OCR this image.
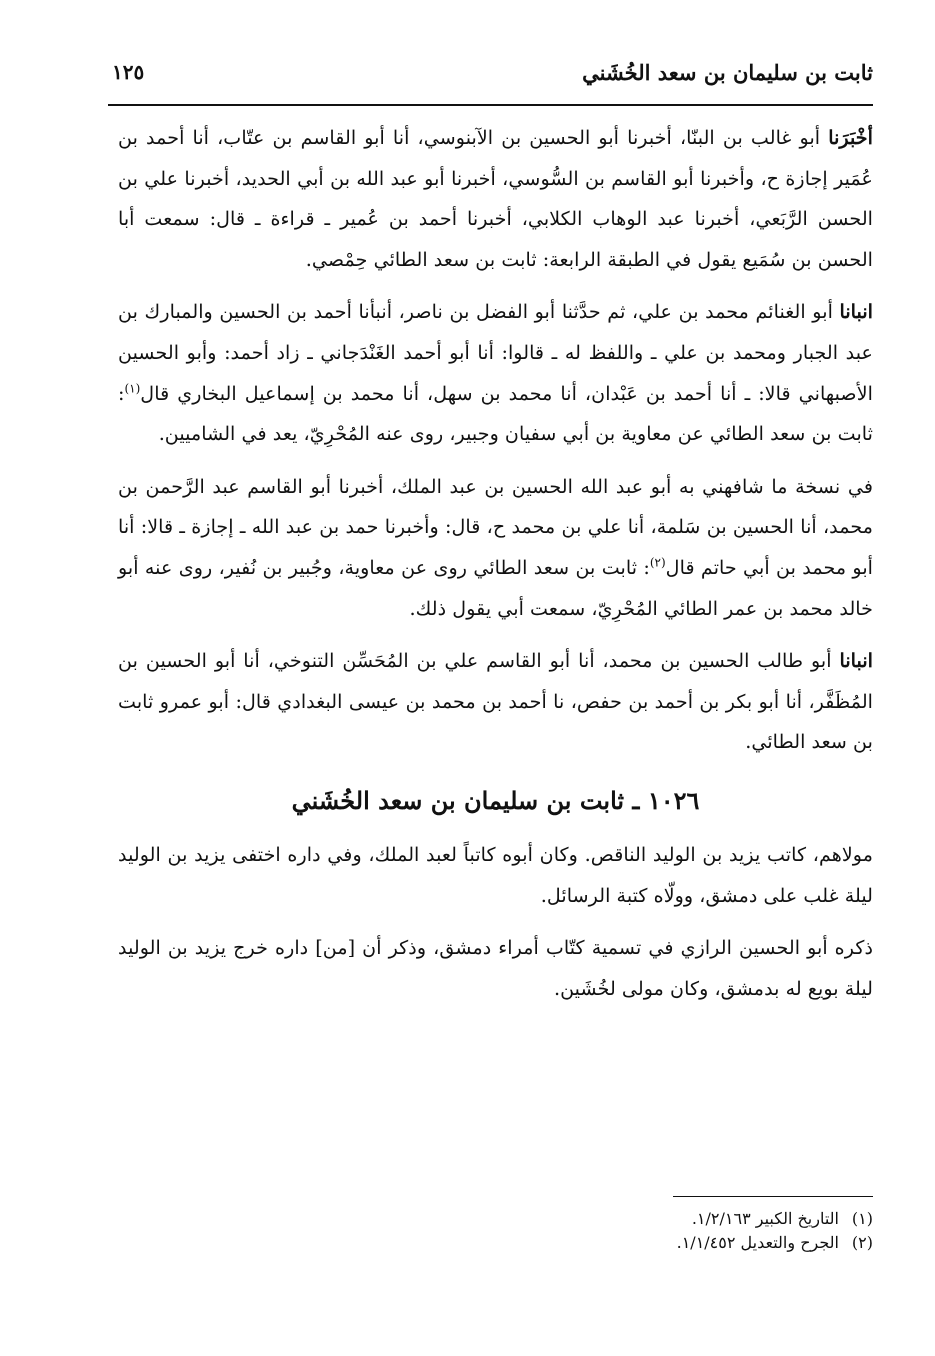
ثابت بن سليمان بن سعد الخُشَني
١٢٥

أخْبَرَنا أبو غالب بن البنّا، أخبرنا أبو الحسين بن الآبنوسي، أنا أبو القاسم بن عتّاب، أنا أحمد بن عُمَير إجازة ح، وأخبرنا أبو القاسم بن السُّوسي، أخبرنا أبو عبد الله بن أبي الحديد، أخبرنا علي بن الحسن الرَّبَعي، أخبرنا عبد الوهاب الكلابي، أخبرنا أحمد بن عُمير ـ قراءة ـ قال: سمعت أبا الحسن بن سُمَيع يقول في الطبقة الرابعة: ثابت بن سعد الطائي حِمْصي.

انبانا أبو الغنائم محمد بن علي، ثم حدَّثنا أبو الفضل بن ناصر، أنبأنا أحمد بن الحسين والمبارك بن عبد الجبار ومحمد بن علي ـ واللفظ له ـ قالوا: أنا أبو أحمد الغَنْدَجاني ـ زاد أحمد: وأبو الحسين الأصبهاني قالا: ـ أنا أحمد بن عَبْدان، أنا محمد بن سهل، أنا محمد بن إسماعيل البخاري قال$^{(١)}$: ثابت بن سعد الطائي عن معاوية بن أبي سفيان وجبير، روى عنه المُحْرِيّ، يعد في الشاميين.

في نسخة ما شافهني به أبو عبد الله الحسين بن عبد الملك، أخبرنا أبو القاسم عبد الرَّحمن بن محمد، أنا الحسين بن سَلمة، أنا علي بن محمد ح، قال: وأخبرنا حمد بن عبد الله ـ إجازة ـ قالا: أنا أبو محمد بن أبي حاتم قال$^{(٢)}$: ثابت بن سعد الطائي روى عن معاوية، وجُبير بن نُفير، روى عنه أبو خالد محمد بن عمر الطائي المُحْرِيّ، سمعت أبي يقول ذلك.

انبانا أبو طالب الحسين بن محمد، أنا أبو القاسم علي بن المُحَسِّن التنوخي، أنا أبو الحسين بن المُظَفَّر، أنا أبو بكر بن أحمد بن حفص، نا أحمد بن محمد بن عيسى البغدادي قال: أبو عمرو ثابت بن سعد الطائي.

١٠٢٦ ـ ثابت بن سليمان بن سعد الخُشَني

مولاهم، كاتب يزيد بن الوليد الناقص. وكان أبوه كاتباً لعبد الملك، وفي داره اختفى يزيد بن الوليد ليلة غلب على دمشق، وولّاه كتبة الرسائل.

ذكره أبو الحسين الرازي في تسمية كتّاب أمراء دمشق، وذكر أن [من] داره خرج يزيد بن الوليد ليلة بويع له بدمشق، وكان مولى لخُشَين.

(١)التاريخ الكبير ١/٢/١٦٣.

(٢)الجرح والتعديل ١/١/٤٥٢.
